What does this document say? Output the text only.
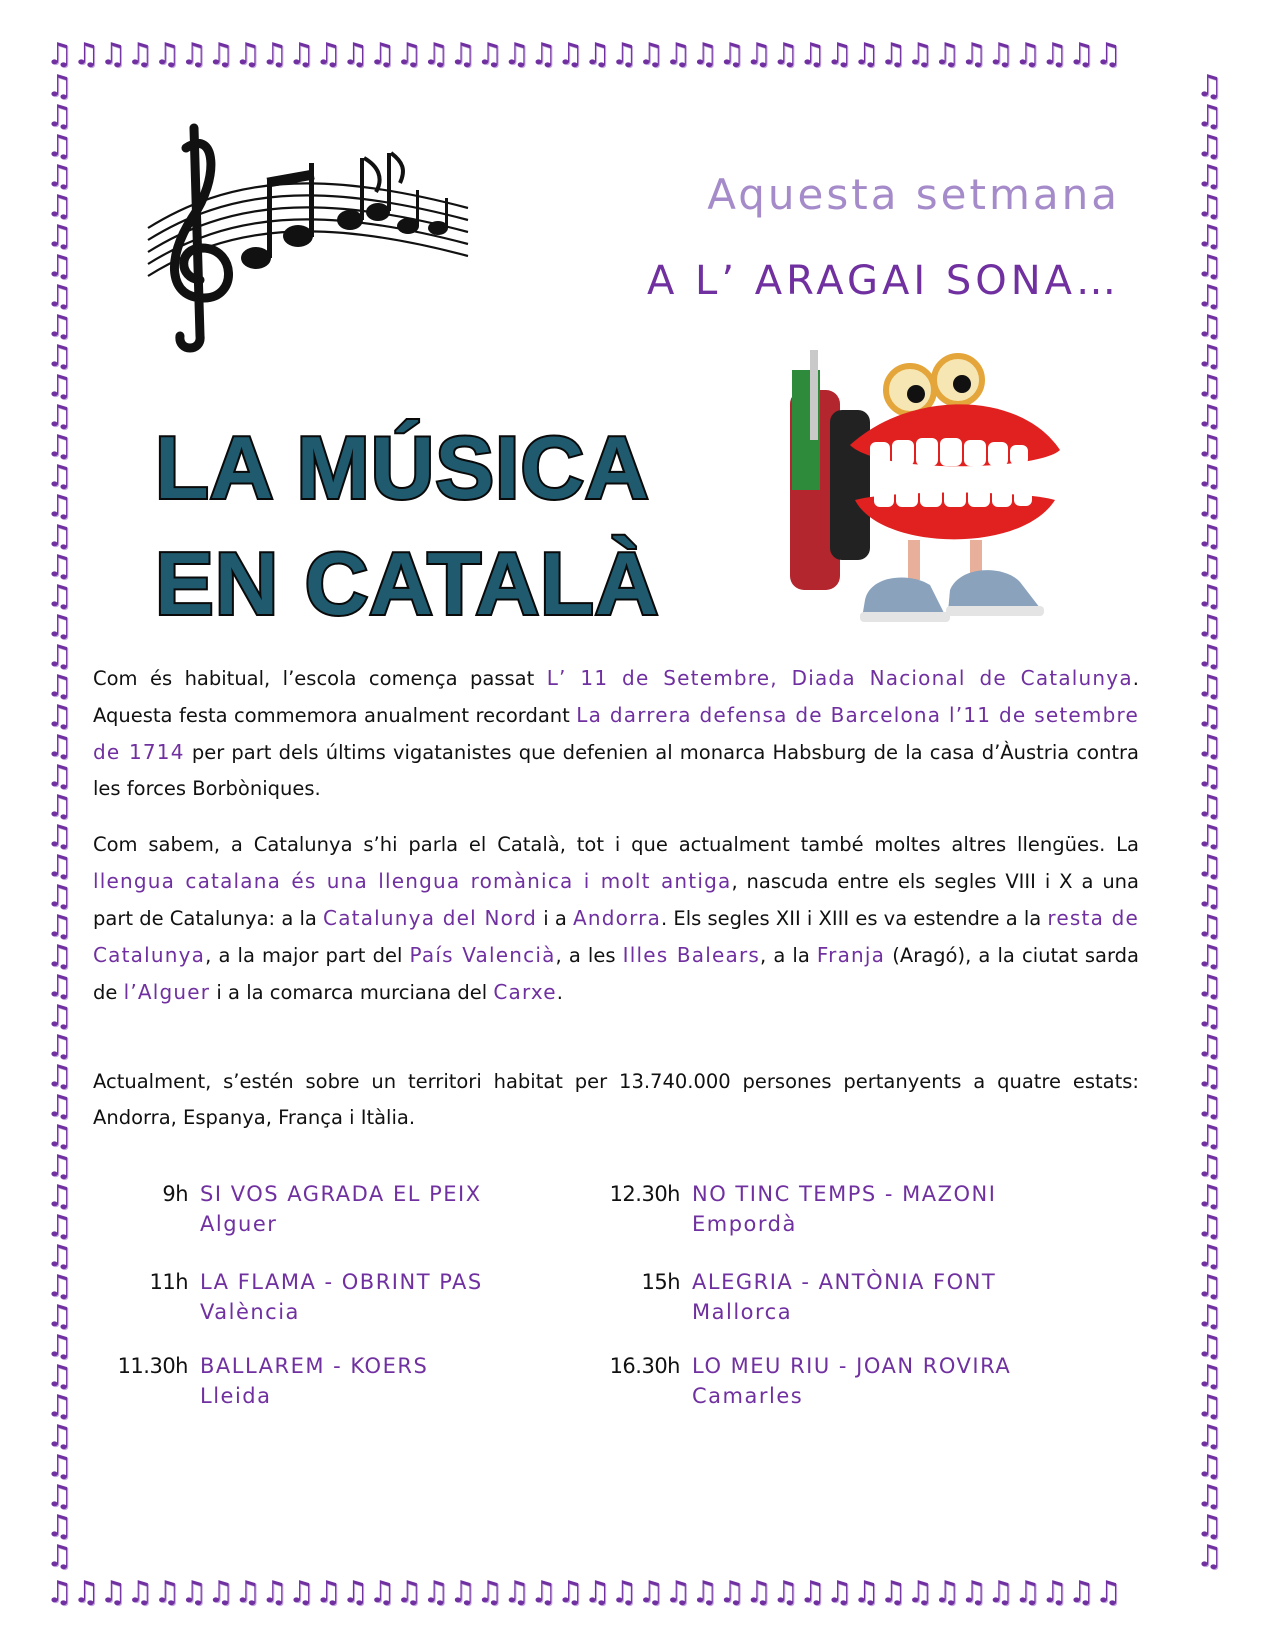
♫♫♫♫♫♫♫♫♫♫♫♫♫♫♫♫♫♫♫♫♫♫♫♫♫♫♫♫♫♫♫♫♫♫♫♫♫♫♫♫
♫♫♫♫♫♫♫♫♫♫♫♫♫♫♫♫♫♫♫♫♫♫♫♫♫♫♫♫♫♫♫♫♫♫♫♫♫♫♫♫
♫♫♫♫♫♫♫♫♫♫♫♫♫♫♫♫♫♫♫♫♫♫♫♫♫♫♫♫♫♫♫♫♫♫♫♫♫♫♫♫♫♫♫♫♫♫♫♫♫♫
♫♫♫♫♫♫♫♫♫♫♫♫♫♫♫♫♫♫♫♫♫♫♫♫♫♫♫♫♫♫♫♫♫♫♫♫♫♫♫♫♫♫♫♫♫♫♫♫♫♫
Aquesta setmana
A L’ ARAGAI SONA…
LA MÚSICA
EN CATALÀ

Com és habitual, l’escola comença passat L’ 11 de Setembre, Diada Nacional de Catalunya. Aquesta festa commemora anualment recordant La darrera defensa de Barcelona l’11 de setembre de 1714 per part dels últims vigatanistes que defenien al monarca Habsburg de la casa d’Àustria contra les forces Borbòniques.

Com sabem, a Catalunya s’hi parla el Català, tot i que actualment també moltes altres llengües. La llengua catalana és una llengua romànica i molt antiga, nascuda entre els segles VIII i X a una part de Catalunya: a la Catalunya del Nord i a Andorra. Els segles XII i XIII es va estendre a la resta de Catalunya, a la major part del País Valencià, a les Illes Balears, a la Franja (Aragó), a la ciutat sarda de l’Alguer i a la comarca murciana del Carxe.

Actualment, s’estén sobre un territori habitat per 13.740.000 persones pertanyents a quatre estats: Andorra, Espanya, França i Itàlia.

9h SI VOS AGRADA EL PEIX
Alguer
11h LA FLAMA - OBRINT PAS
València
11.30h BALLAREM - KOERS
Lleida
12.30h NO TINC TEMPS - MAZONI
Empordà
15h ALEGRIA - ANTÒNIA FONT
Mallorca
16.30h LO MEU RIU - JOAN ROVIRA
Camarles
